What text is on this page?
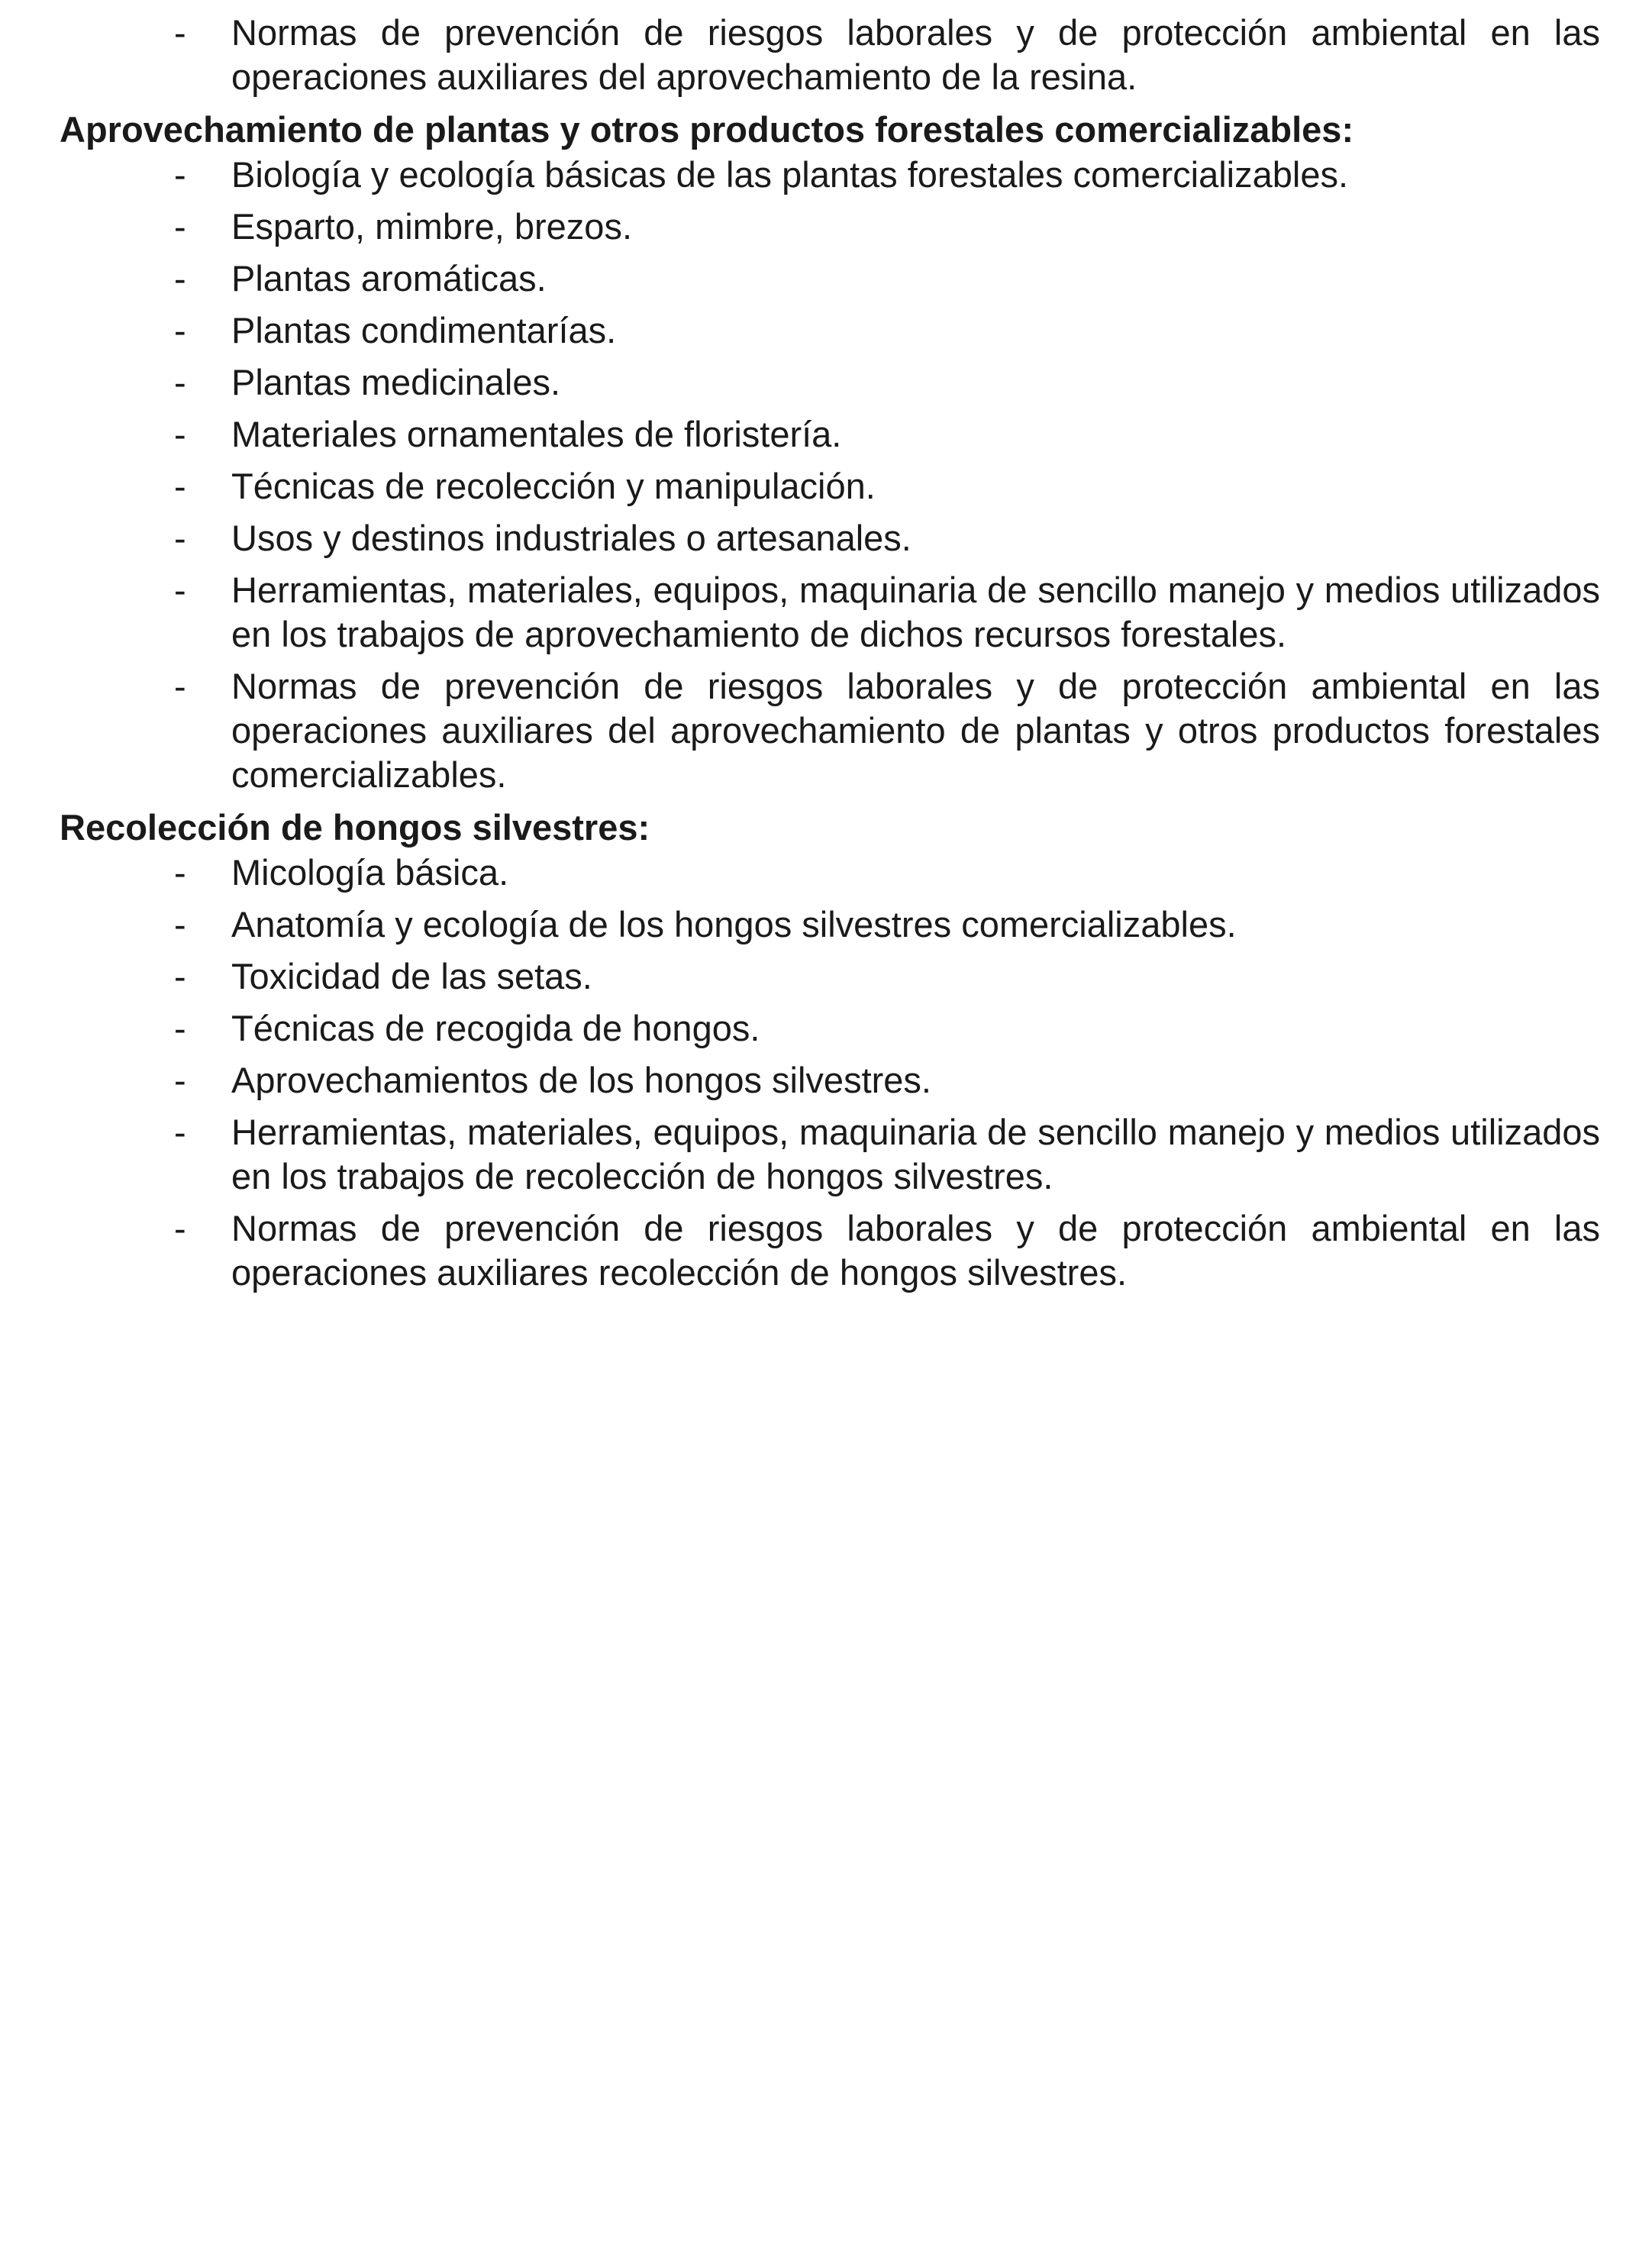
- Normas de prevención de riesgos laborales y de protección ambiental en las operaciones auxiliares del aprovechamiento de la resina.

Aprovechamiento de plantas y otros productos forestales comercializables:

- Biología y ecología básicas de las plantas forestales comercializables.
- Esparto, mimbre, brezos.
- Plantas aromáticas.
- Plantas condimentarías.
- Plantas medicinales.
- Materiales ornamentales de floristería.
- Técnicas de recolección y manipulación.
- Usos y destinos industriales o artesanales.
- Herramientas, materiales, equipos, maquinaria de sencillo manejo y medios utilizados en los trabajos de aprovechamiento de dichos recursos forestales.
- Normas de prevención de riesgos laborales y de protección ambiental en las operaciones auxiliares del aprovechamiento de plantas y otros productos forestales comercializables.

Recolección de hongos silvestres:

- Micología básica.
- Anatomía y ecología de los hongos silvestres comercializables.
- Toxicidad de las setas.
- Técnicas de recogida de hongos.
- Aprovechamientos de los hongos silvestres.
- Herramientas, materiales, equipos, maquinaria de sencillo manejo y medios utilizados en los trabajos de recolección de hongos silvestres.
- Normas de prevención de riesgos laborales y de protección ambiental en las operaciones auxiliares recolección de hongos silvestres.
